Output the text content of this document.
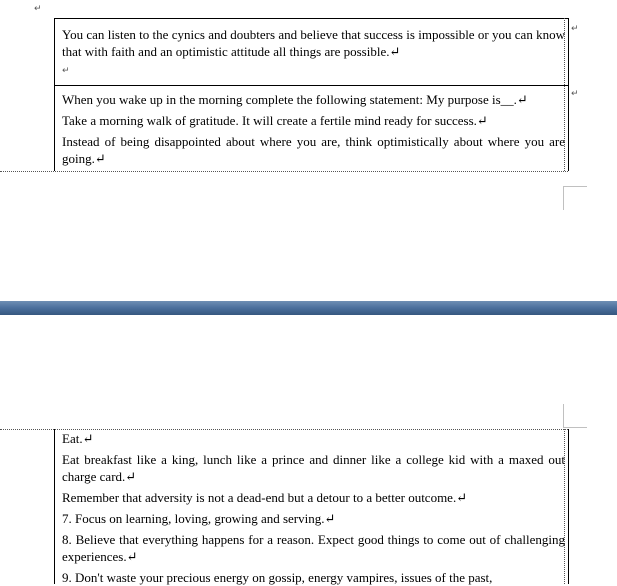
↵
↵
↵
You can listen to the cynics and doubters and believe that success is impossible or you can know that with faith and an optimistic attitude all things are possible.↵
↵
When you wake up in the morning complete the following statement: My purpose is__.↵
Take a morning walk of gratitude. It will create a fertile mind ready for success.↵
Instead of being disappointed about where you are, think optimistically about where you are going.↵
Eat.↵
Eat breakfast like a king, lunch like a prince and dinner like a college kid with a maxed out charge card.↵
Remember that adversity is not a dead-end but a detour to a better outcome.↵
7. Focus on learning, loving, growing and serving.↵
8. Believe that everything happens for a reason. Expect good things to come out of challenging experiences.↵
9. Don't waste your precious energy on gossip, energy vampires, issues of the past,
